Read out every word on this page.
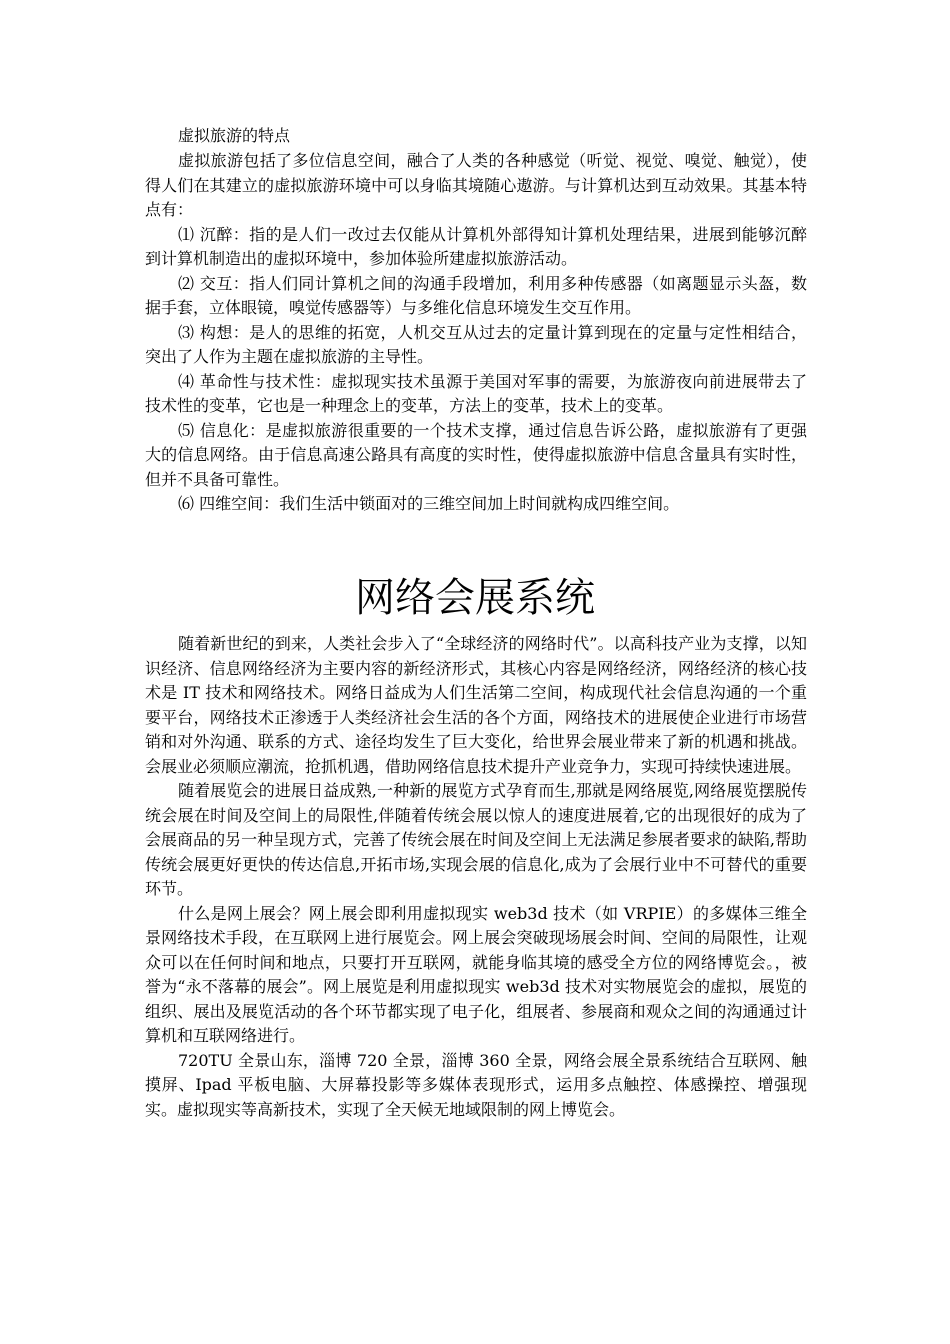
虚拟旅游的特点

虚拟旅游包括了多位信息空间，融合了人类的各种感觉（听觉、视觉、嗅觉、触觉），使得人们在其建立的虚拟旅游环境中可以身临其境随心遨游。与计算机达到互动效果。其基本特点有：

⑴ 沉醉：指的是人们一改过去仅能从计算机外部得知计算机处理结果，进展到能够沉醉到计算机制造出的虚拟环境中，参加体验所建虚拟旅游活动。

⑵ 交互：指人们同计算机之间的沟通手段增加，利用多种传感器（如离题显示头盔，数据手套，立体眼镜，嗅觉传感器等）与多维化信息环境发生交互作用。

⑶ 构想：是人的思维的拓宽，人机交互从过去的定量计算到现在的定量与定性相结合，突出了人作为主题在虚拟旅游的主导性。

⑷ 革命性与技术性：虚拟现实技术虽源于美国对军事的需要，为旅游夜向前进展带去了技术性的变革，它也是一种理念上的变革，方法上的变革，技术上的变革。

⑸ 信息化：是虚拟旅游很重要的一个技术支撑，通过信息告诉公路，虚拟旅游有了更强大的信息网络。由于信息高速公路具有高度的实时性，使得虚拟旅游中信息含量具有实时性，但并不具备可靠性。

⑹ 四维空间：我们生活中锁面对的三维空间加上时间就构成四维空间。

网络会展系统

随着新世纪的到来，人类社会步入了“全球经济的网络时代”。以高科技产业为支撑，以知识经济、信息网络经济为主要内容的新经济形式，其核心内容是网络经济，网络经济的核心技术是 IT 技术和网络技术。网络日益成为人们生活第二空间，构成现代社会信息沟通的一个重要平台，网络技术正渗透于人类经济社会生活的各个方面，网络技术的进展使企业进行市场营销和对外沟通、联系的方式、途径均发生了巨大变化，给世界会展业带来了新的机遇和挑战。会展业必须顺应潮流，抢抓机遇，借助网络信息技术提升产业竞争力，实现可持续快速进展。

随着展览会的进展日益成熟,一种新的展览方式孕育而生,那就是网络展览,网络展览摆脱传统会展在时间及空间上的局限性,伴随着传统会展以惊人的速度进展着,它的出现很好的成为了会展商品的另一种呈现方式，完善了传统会展在时间及空间上无法满足参展者要求的缺陷,帮助传统会展更好更快的传达信息,开拓市场,实现会展的信息化,成为了会展行业中不可替代的重要环节。

什么是网上展会？网上展会即利用虚拟现实 web3d 技术（如 VRPIE）的多媒体三维全景网络技术手段，在互联网上进行展览会。网上展会突破现场展会时间、空间的局限性，让观众可以在任何时间和地点，只要打开互联网，就能身临其境的感受全方位的网络博览会。，被誉为“永不落幕的展会”。网上展览是利用虚拟现实 web3d 技术对实物展览会的虚拟，展览的组织、展出及展览活动的各个环节都实现了电子化，组展者、参展商和观众之间的沟通通过计算机和互联网络进行。

720TU 全景山东，淄博 720 全景，淄博 360 全景，网络会展全景系统结合互联网、触摸屏、Ipad 平板电脑、大屏幕投影等多媒体表现形式，运用多点触控、体感操控、增强现实。虚拟现实等高新技术，实现了全天候无地域限制的网上博览会。
